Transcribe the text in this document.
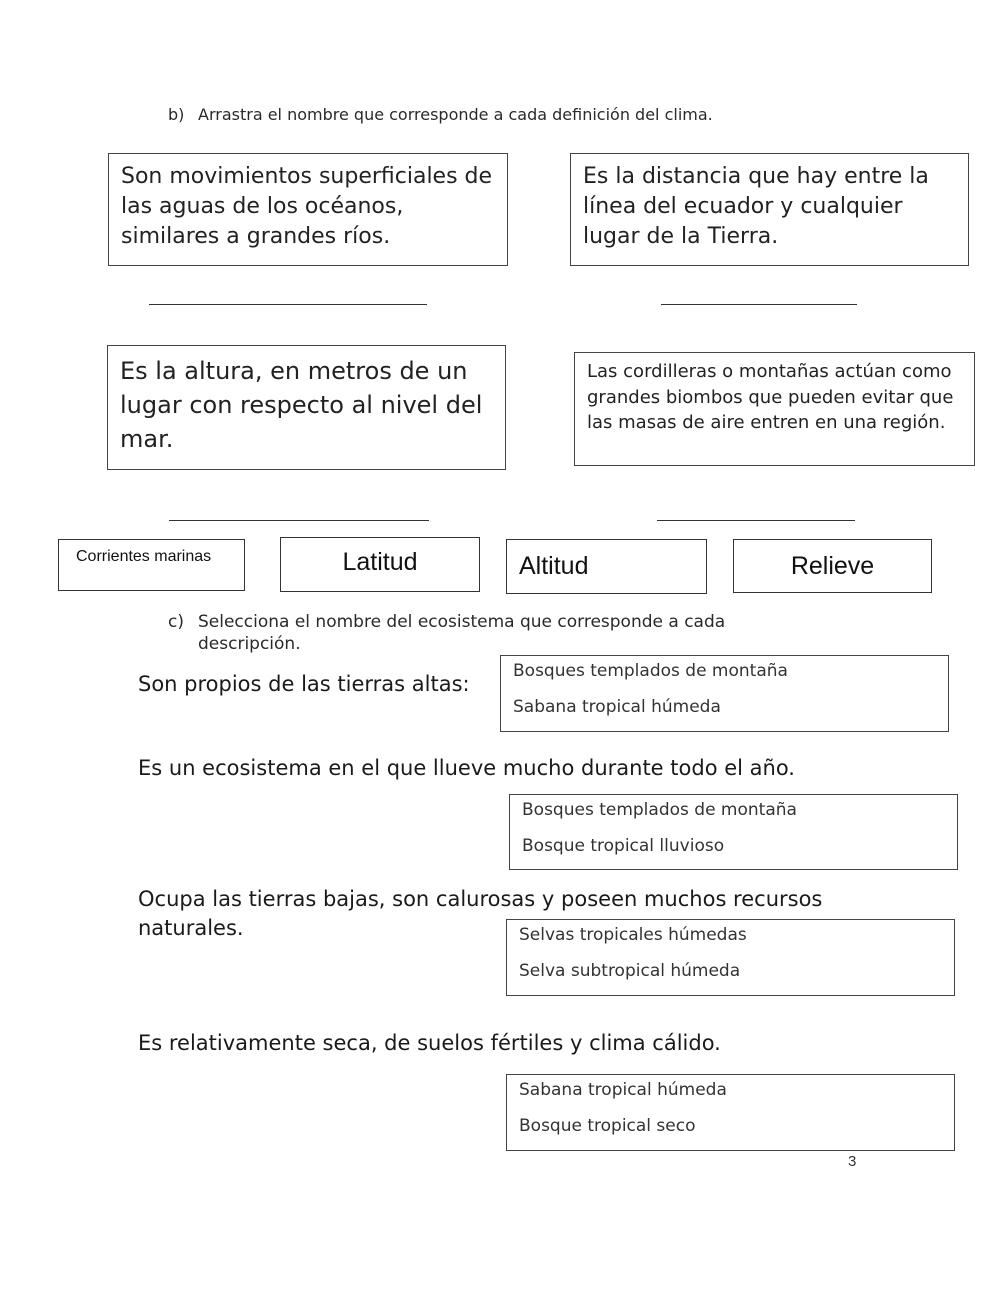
b) Arrastra el nombre que corresponde a cada definición del clima.
Son movimientos superficiales de las aguas de los océanos, similares a grandes ríos.
Es la distancia que hay entre la línea del ecuador y cualquier lugar de la Tierra.
Es la altura, en metros de un lugar con respecto al nivel del mar.
Las cordilleras o montañas actúan como grandes biombos que pueden evitar que las masas de aire entren en una región.
Corrientes marinas	Latitud	Altitud	Relieve
c) Selecciona el nombre del ecosistema que corresponde a cada descripción.
Son propios de las tierras altas:
Bosques templados de montaña
Sabana tropical húmeda
Es un ecosistema en el que llueve mucho durante todo el año.
Bosques templados de montaña
Bosque tropical lluvioso
Ocupa las tierras bajas, son calurosas y poseen muchos recursos naturales.	Selvas tropicales húmedas
Selva subtropical húmeda
Es relativamente seca, de suelos fértiles y clima cálido.
Sabana tropical húmeda
Bosque tropical seco
3
